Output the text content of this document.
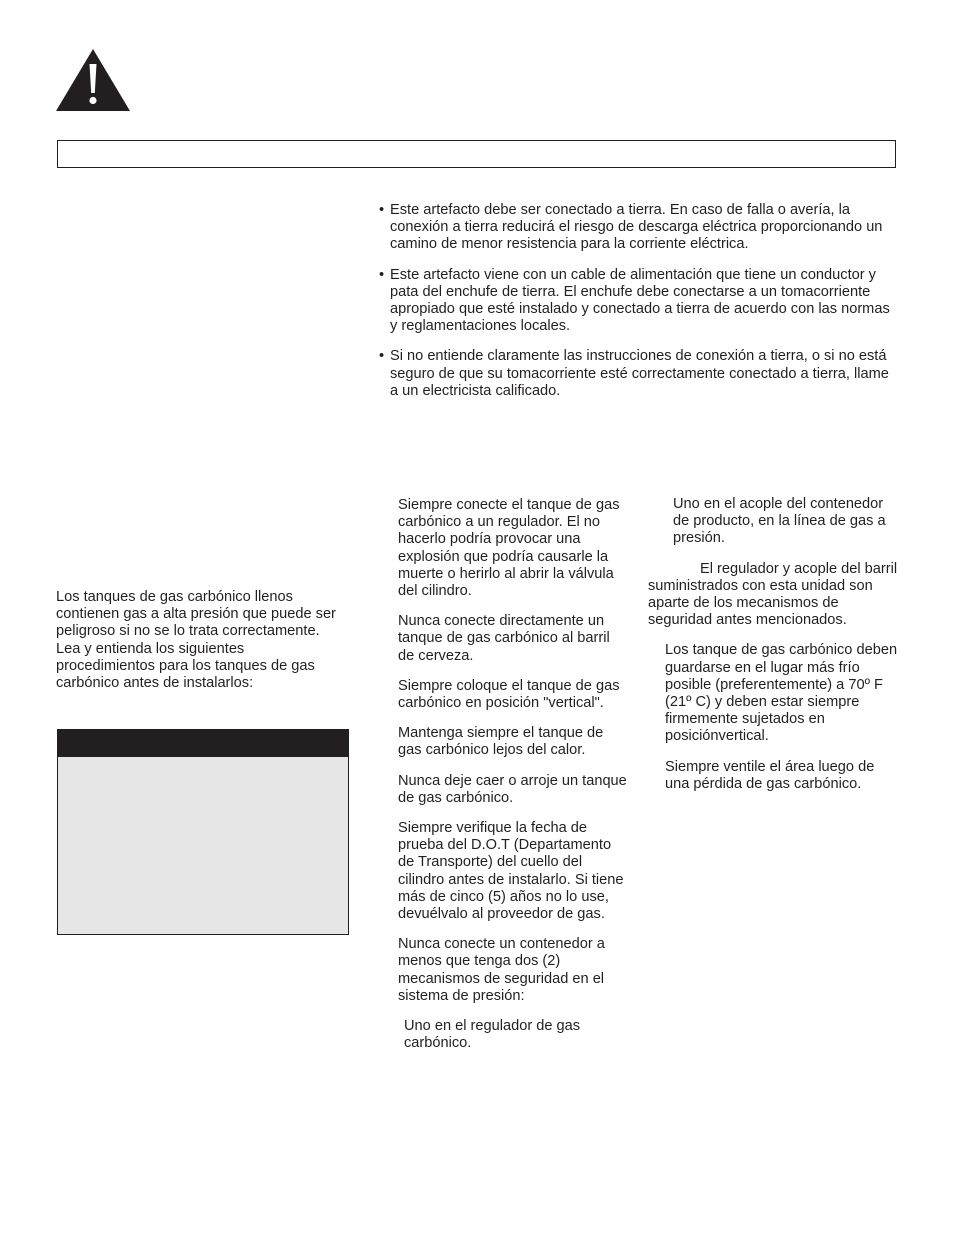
• Este artefacto debe ser conectado a tierra. En caso de falla o avería, la conexión a tierra reducirá el riesgo de descarga eléctrica proporcionando un camino de menor resistencia para la corriente eléctrica.
• Este artefacto viene con un cable de alimentación que tiene un conductor y pata del enchufe de tierra. El enchufe debe conectarse a un tomacorriente apropiado que esté instalado y conectado a tierra de acuerdo con las normas y reglamentaciones locales.
• Si no entiende claramente las instrucciones de conexión a tierra, o si no está seguro de que su tomacorriente esté correctamente conectado a tierra, llame a un electricista calificado.

Los tanques de gas carbónico llenos contienen gas a alta presión que puede ser peligroso si no se lo trata correctamente. Lea y entienda los siguientes procedimientos para los tanques de gas carbónico antes de instalarlos:

Siempre conecte el tanque de gas carbónico a un regulador. El no hacerlo podría provocar una explosión que podría causarle la muerte o herirlo al abrir la válvula del cilindro.

Nunca conecte directamente un tanque de gas carbónico al barril de cerveza.

Siempre coloque el tanque de gas carbónico en posición "vertical".

Mantenga siempre el tanque de gas carbónico lejos del calor.

Nunca deje caer o arroje un tanque de gas carbónico.

Siempre verifique la fecha de prueba del D.O.T (Departamento de Transporte) del cuello del cilindro antes de instalarlo. Si tiene más de cinco (5) años no lo use, devuélvalo al proveedor de gas.

Nunca conecte un contenedor a menos que tenga dos (2) mecanismos de seguridad en el sistema de presión:

Uno en el regulador de gas carbónico.

Uno en el acople del contenedor de producto, en la línea de gas a presión.

El regulador y acople del barril suministrados con esta unidad son aparte de los mecanismos de seguridad antes mencionados.

Los tanque de gas carbónico deben guardarse en el lugar más frío posible (preferentemente) a 70º F (21º C) y deben estar siempre firmemente sujetados en posiciónvertical.

Siempre ventile el área luego de una pérdida de gas carbónico.
